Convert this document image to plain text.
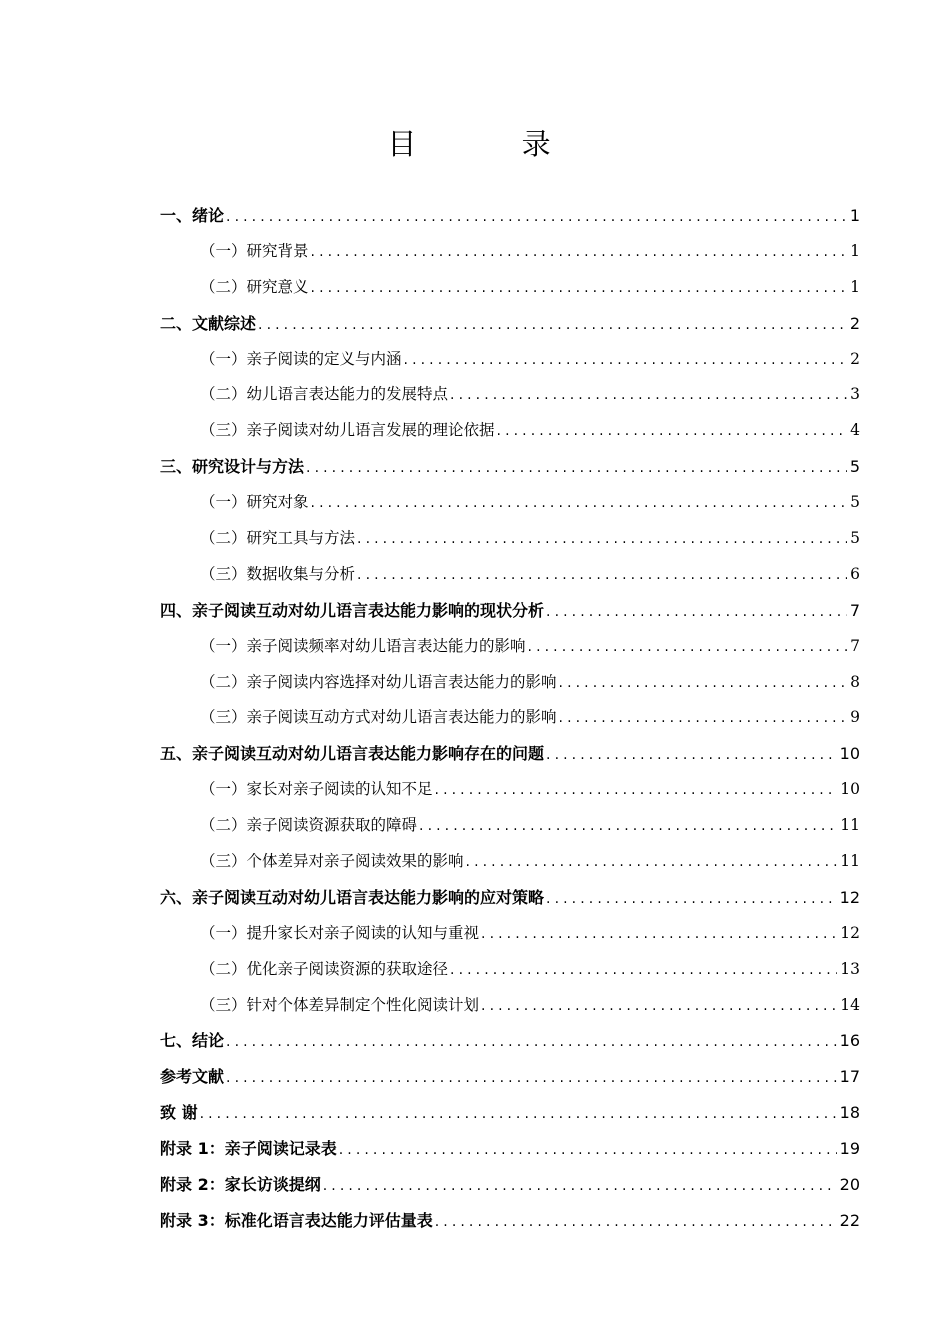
目 录
一、绪论 .....	1
（一）研究背景 .....	1
（二）研究意义 .....	1
二、文献综述 .....	2
（一）亲子阅读的定义与内涵 .....	2
（二）幼儿语言表达能力的发展特点 .....	3
（三）亲子阅读对幼儿语言发展的理论依据 .....	4
三、研究设计与方法 .....	5
（一）研究对象 .....	5
（二）研究工具与方法 .....	5
（三）数据收集与分析 .....	6
四、亲子阅读互动对幼儿语言表达能力影响的现状分析 .....	7
（一）亲子阅读频率对幼儿语言表达能力的影响 .....	7
（二）亲子阅读内容选择对幼儿语言表达能力的影响 .....	8
（三）亲子阅读互动方式对幼儿语言表达能力的影响 .....	9
五、亲子阅读互动对幼儿语言表达能力影响存在的问题 .....	10
（一）家长对亲子阅读的认知不足 .....	10
（二）亲子阅读资源获取的障碍 .....	11
（三）个体差异对亲子阅读效果的影响 .....	11
六、亲子阅读互动对幼儿语言表达能力影响的应对策略 .....	12
（一）提升家长对亲子阅读的认知与重视 .....	12
（二）优化亲子阅读资源的获取途径 .....	13
（三）针对个体差异制定个性化阅读计划 .....	14
七、结论 .....	16
参考文献 .....	17
致 谢 .....	18
附录 1：亲子阅读记录表 .....	19
附录 2：家长访谈提纲 .....	20
附录 3：标准化语言表达能力评估量表 .....	22
